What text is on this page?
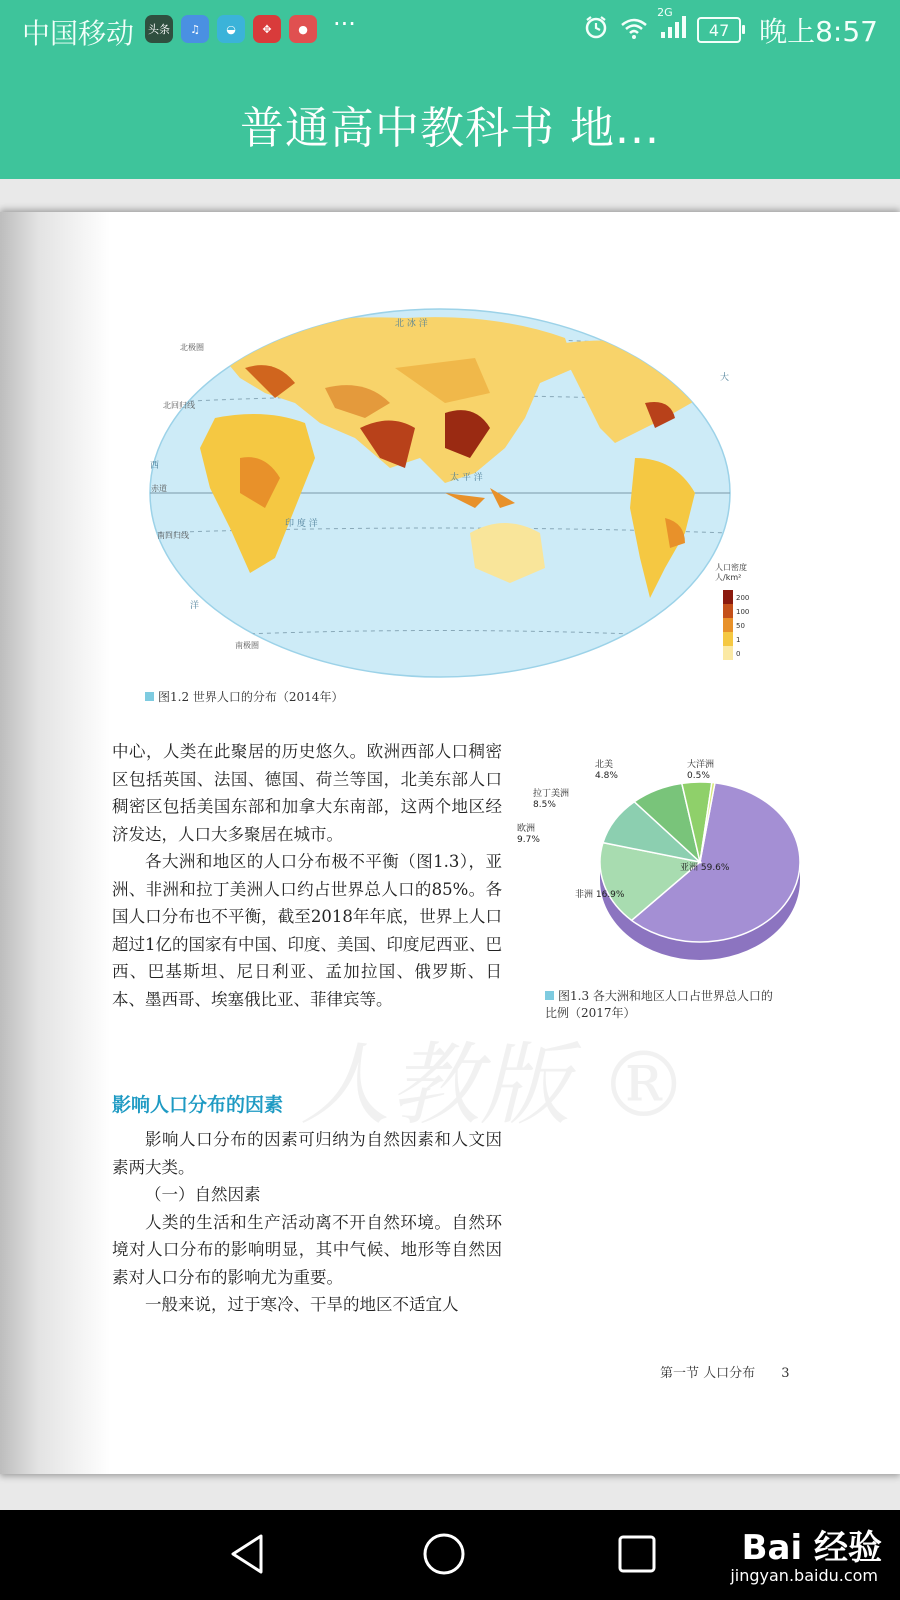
中国移动 头条	♫	◒	✥	●	···	2G
47	晚上8:57
普通高中教科书 地...
北极圈
北回归线
赤道
南回归线
南极圈
北 冰 洋
太 平 洋
印 度 洋
西
大
洋
人口密度
人/km²
200
100
50
1
0
图1.2 世界人口的分布（2014年）

中心，人类在此聚居的历史悠久。欧洲西部人口稠密区包括英国、法国、德国、荷兰等国，北美东部人口稠密区包括美国东部和加拿大东南部，这两个地区经济发达，人口大多聚居在城市。

各大洲和地区的人口分布极不平衡（图1.3），亚洲、非洲和拉丁美洲人口约占世界总人口的85%。各国人口分布也不平衡，截至2018年年底，世界上人口超过1亿的国家有中国、印度、美国、印度尼西亚、巴西、巴基斯坦、尼日利亚、孟加拉国、俄罗斯、日本、墨西哥、埃塞俄比亚、菲律宾等。

亚洲 59.6%
非洲 16.9%
欧洲
9.7%
拉丁美洲
8.5%
北美
4.8%
大洋洲
0.5%
图1.3 各大洲和地区人口占世界总人口的
比例（2017年）
人教版 ®
影响人口分布的因素

影响人口分布的因素可归纳为自然因素和人文因素两大类。

（一）自然因素

人类的生活和生产活动离不开自然环境。自然环境对人口分布的影响明显，其中气候、地形等自然因素对人口分布的影响尤为重要。

一般来说，过于寒冷、干旱的地区不适宜人

第一节 人口分布 3
Bai 经验
jingyan.baidu.com
